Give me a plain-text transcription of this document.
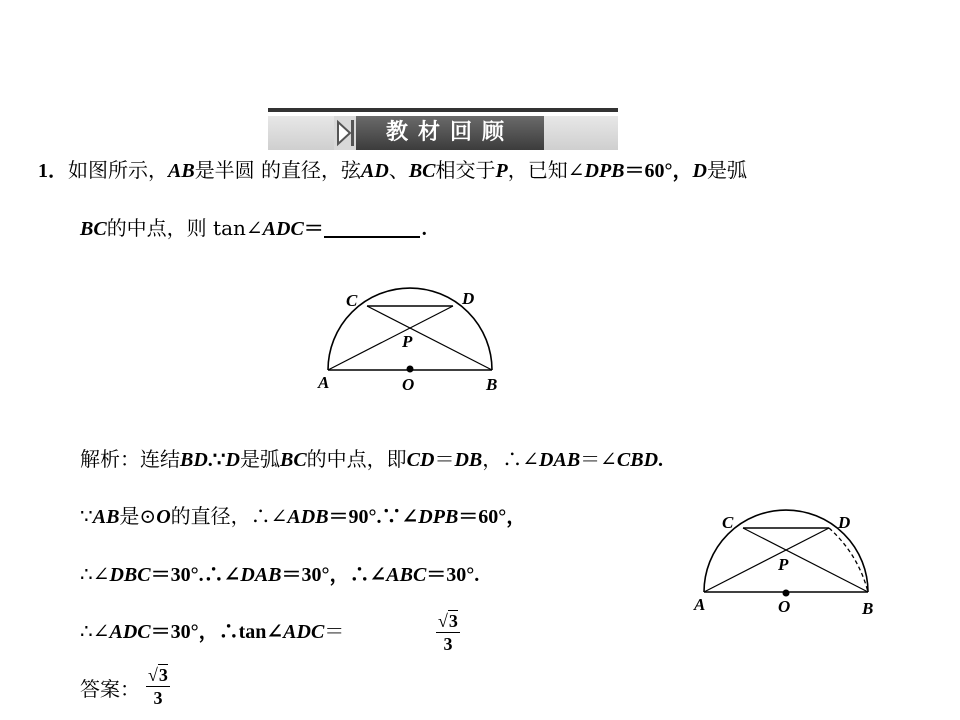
教材回顾
1．如图所示，AB是半圆 的直径，弦AD、BC相交于P，已知∠DPB＝60°，D是弧
BC的中点，则 tan∠ADC＝	.
C	D
P
A	O	B
解析：连结BD.∵D是弧BC的中点，即CD＝DB，∴∠DAB＝∠CBD.
∵AB是⊙O的直径，∴∠ADB＝90°.∵∠DPB＝60°，
∴∠DBC＝30°.∴∠DAB＝30°，∴∠ABC＝30°.
∴∠ADC＝30°，∴tan∠ADC＝	$\frac{√3}{3}$
答案： $\frac{√3}{3}$
C	D
P
A	O	B
